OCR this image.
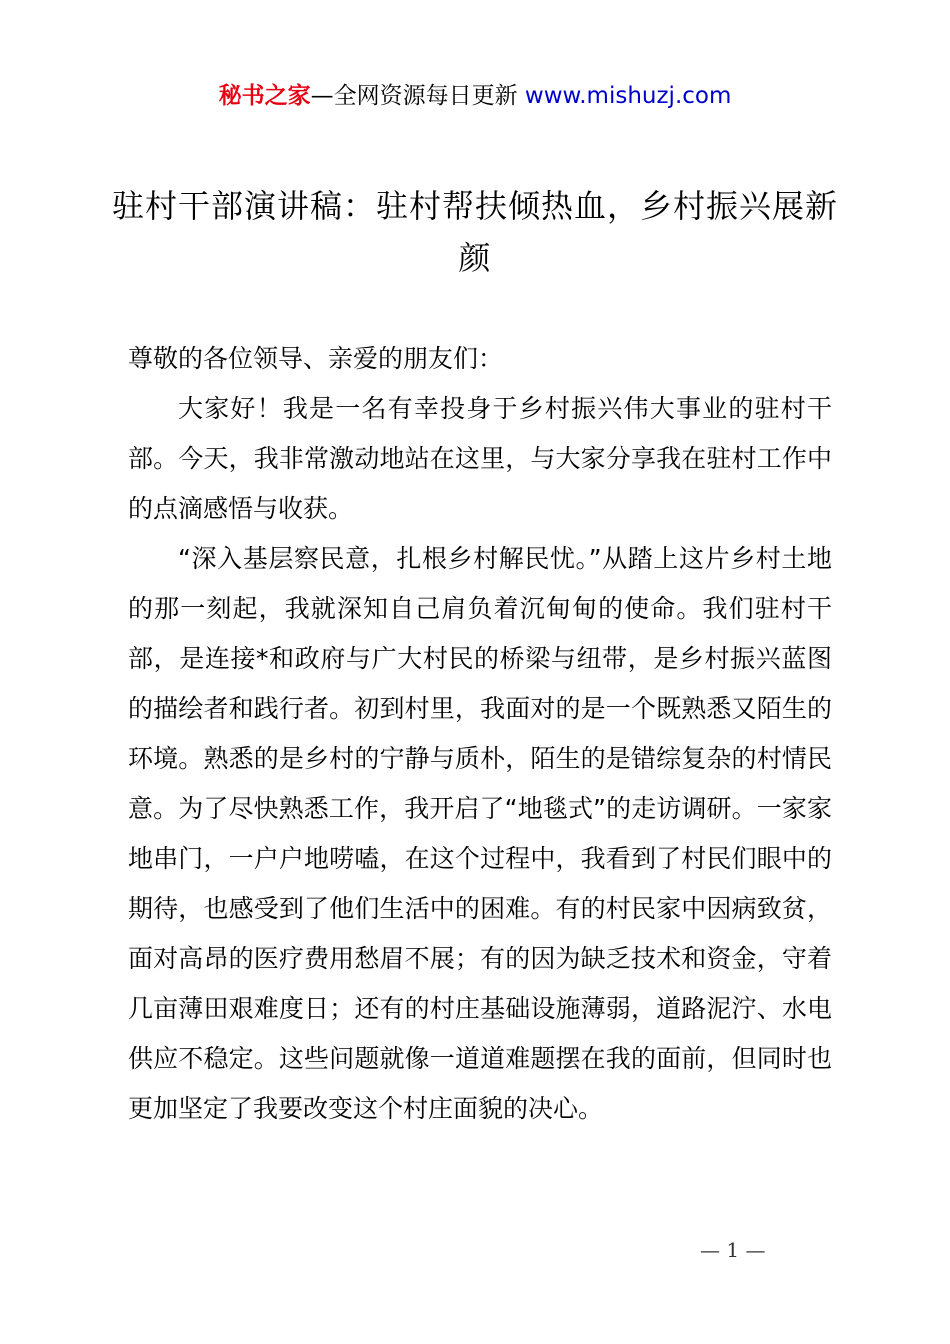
秘书之家—全网资源每日更新 www.mishuzj.com
驻村干部演讲稿：驻村帮扶倾热血，乡村振兴展新颜

尊敬的各位领导、亲爱的朋友们：

大家好！我是一名有幸投身于乡村振兴伟大事业的驻村干部。今天，我非常激动地站在这里，与大家分享我在驻村工作中的点滴感悟与收获。

“深入基层察民意，扎根乡村解民忧。”从踏上这片乡村土地的那一刻起，我就深知自己肩负着沉甸甸的使命。我们驻村干部，是连接*和政府与广大村民的桥梁与纽带，是乡村振兴蓝图的描绘者和践行者。初到村里，我面对的是一个既熟悉又陌生的环境。熟悉的是乡村的宁静与质朴，陌生的是错综复杂的村情民意。为了尽快熟悉工作，我开启了“地毯式”的走访调研。一家家地串门，一户户地唠嗑，在这个过程中，我看到了村民们眼中的期待，也感受到了他们生活中的困难。有的村民家中因病致贫，面对高昂的医疗费用愁眉不展；有的因为缺乏技术和资金，守着几亩薄田艰难度日；还有的村庄基础设施薄弱，道路泥泞、水电供应不稳定。这些问题就像一道道难题摆在我的面前，但同时也更加坚定了我要改变这个村庄面貌的决心。

— 1 —
